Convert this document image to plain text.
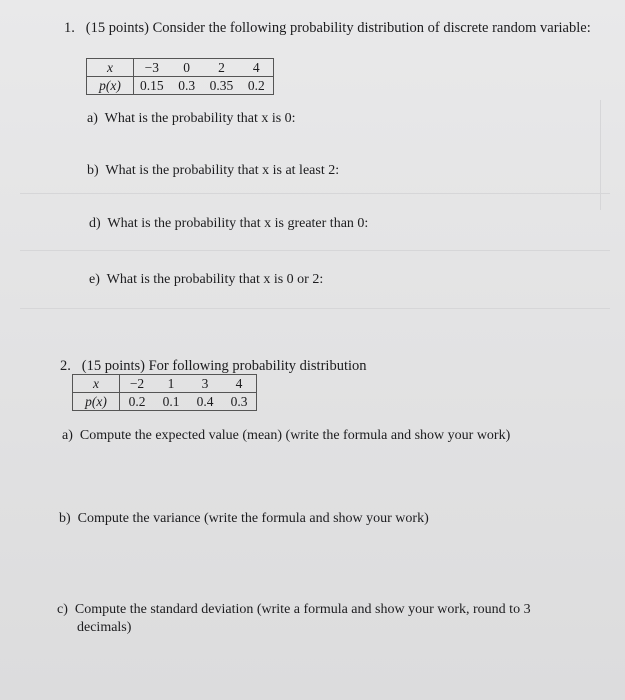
1. (15 points) Consider the following probability distribution of discrete random variable:
x	−3	0	2	4
p(x)	0.15	0.3	0.35	0.2
a) What is the probability that x is 0:
b) What is the probability that x is at least 2:
d) What is the probability that x is greater than 0:
e) What is the probability that x is 0 or 2:
2. (15 points) For following probability distribution
x	−2	1	3	4
p(x)	0.2	0.1	0.4	0.3
a) Compute the expected value (mean) (write the formula and show your work)
b) Compute the variance (write the formula and show your work)
c) Compute the standard deviation (write a formula and show your work, round to 3
decimals)
